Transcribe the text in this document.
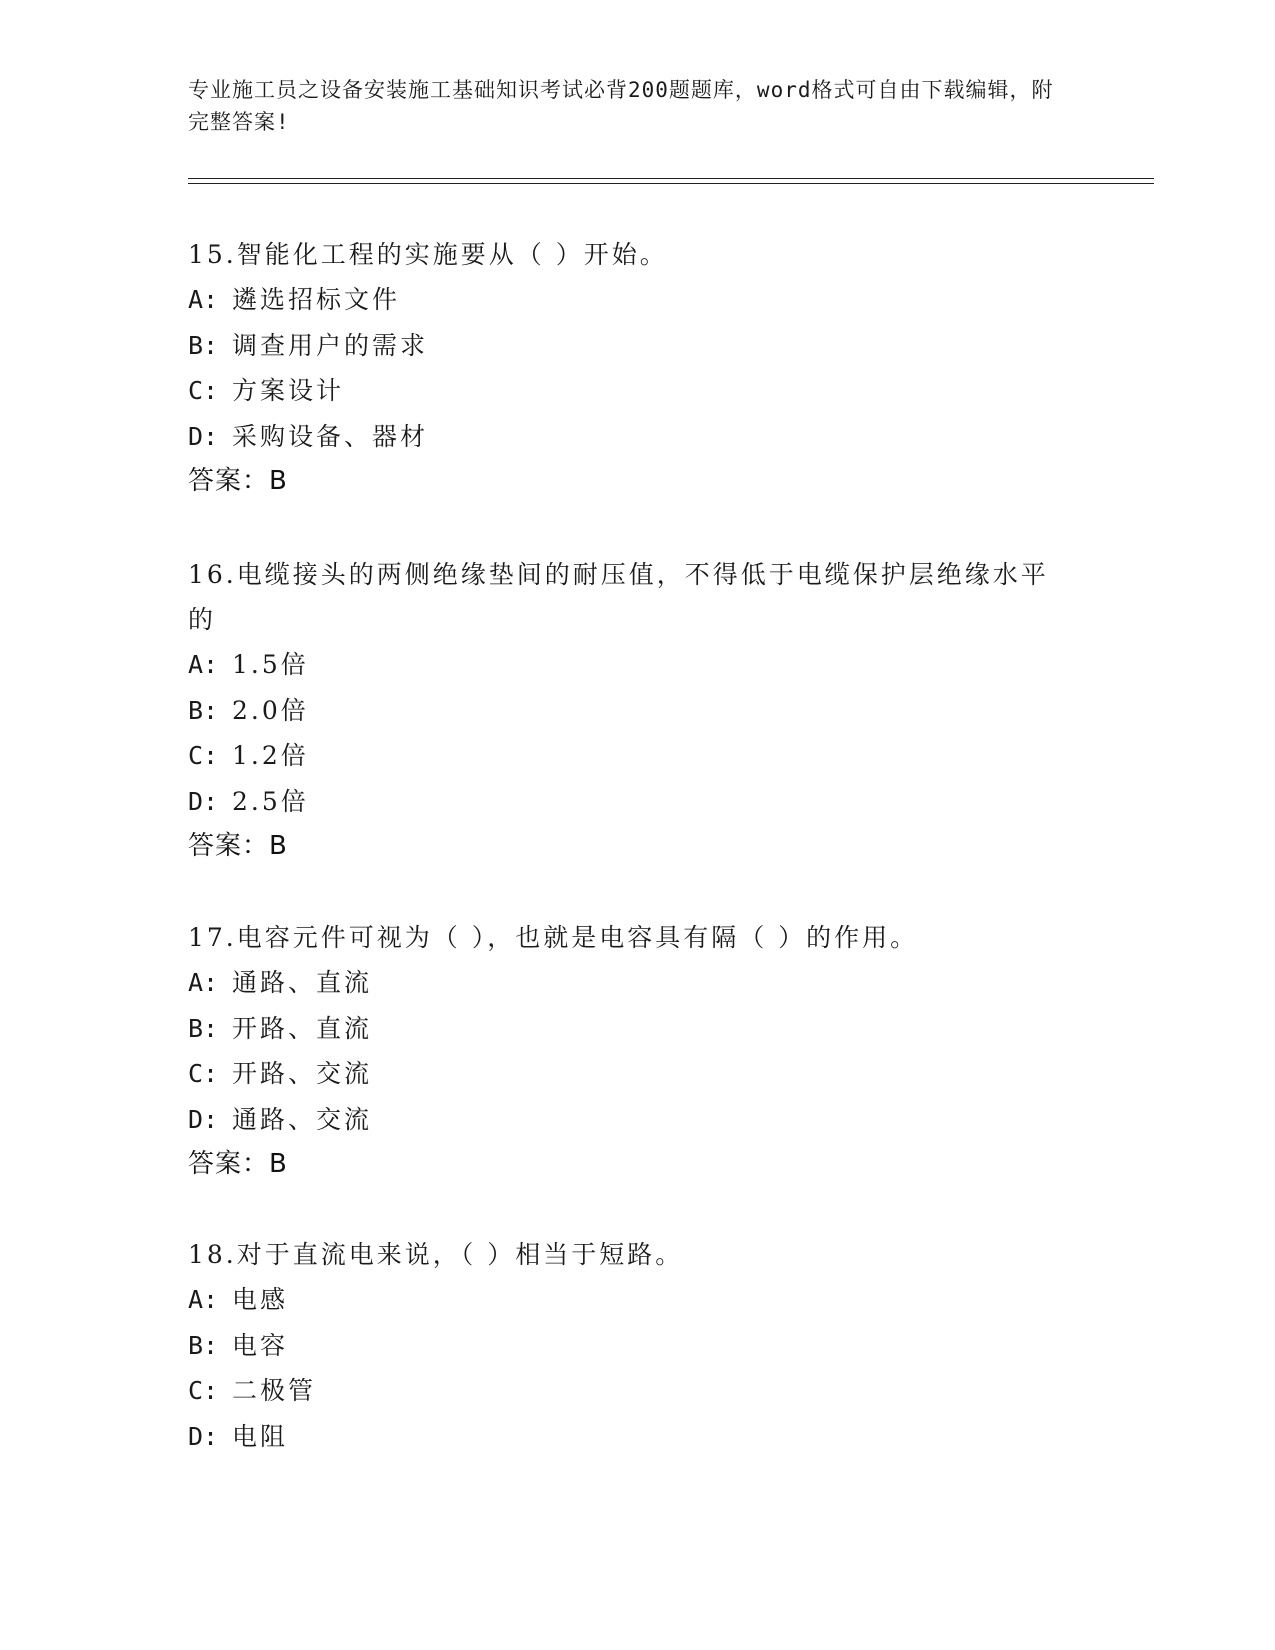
专业施工员之设备安装施工基础知识考试必背200题题库，word格式可自由下载编辑，附完整答案!

15.智能化工程的实施要从（ ）开始。

A: 遴选招标文件

B: 调查用户的需求

C: 方案设计

D: 采购设备、器材

答案：B

16.电缆接头的两侧绝缘垫间的耐压值，不得低于电缆保护层绝缘水平的

A: 1.5倍

B: 2.0倍

C: 1.2倍

D: 2.5倍

答案：B

17.电容元件可视为（ ），也就是电容具有隔（ ）的作用。

A: 通路、直流

B: 开路、直流

C: 开路、交流

D: 通路、交流

答案：B

18.对于直流电来说，（ ）相当于短路。

A: 电感

B: 电容

C: 二极管

D: 电阻
